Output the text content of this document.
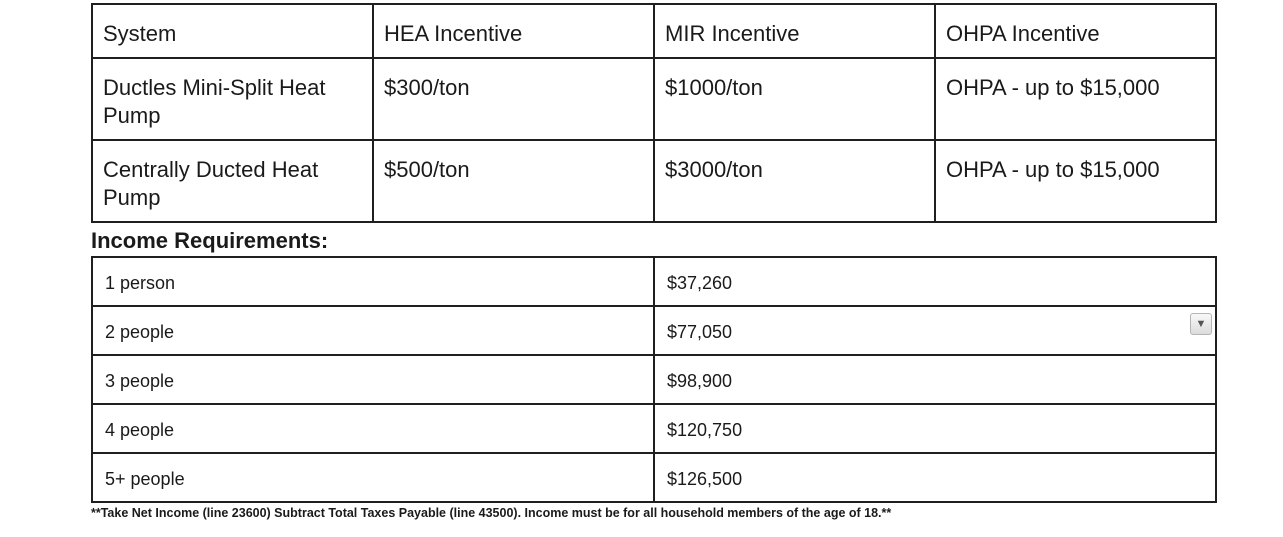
System	HEA Incentive	MIR Incentive	OHPA Incentive
Ductles Mini-Split Heat Pump	$300/ton	$1000/ton	OHPA - up to $15,000
Centrally Ducted Heat Pump	$500/ton	$3000/ton	OHPA - up to $15,000
Income Requirements:
1 person	$37,260
2 people	$77,050 ▼

3 people	$98,900
4 people	$120,750
5+ people	$126,500
**Take Net Income (line 23600) Subtract Total Taxes Payable (line 43500). Income must be for all household members of the age of 18.**
